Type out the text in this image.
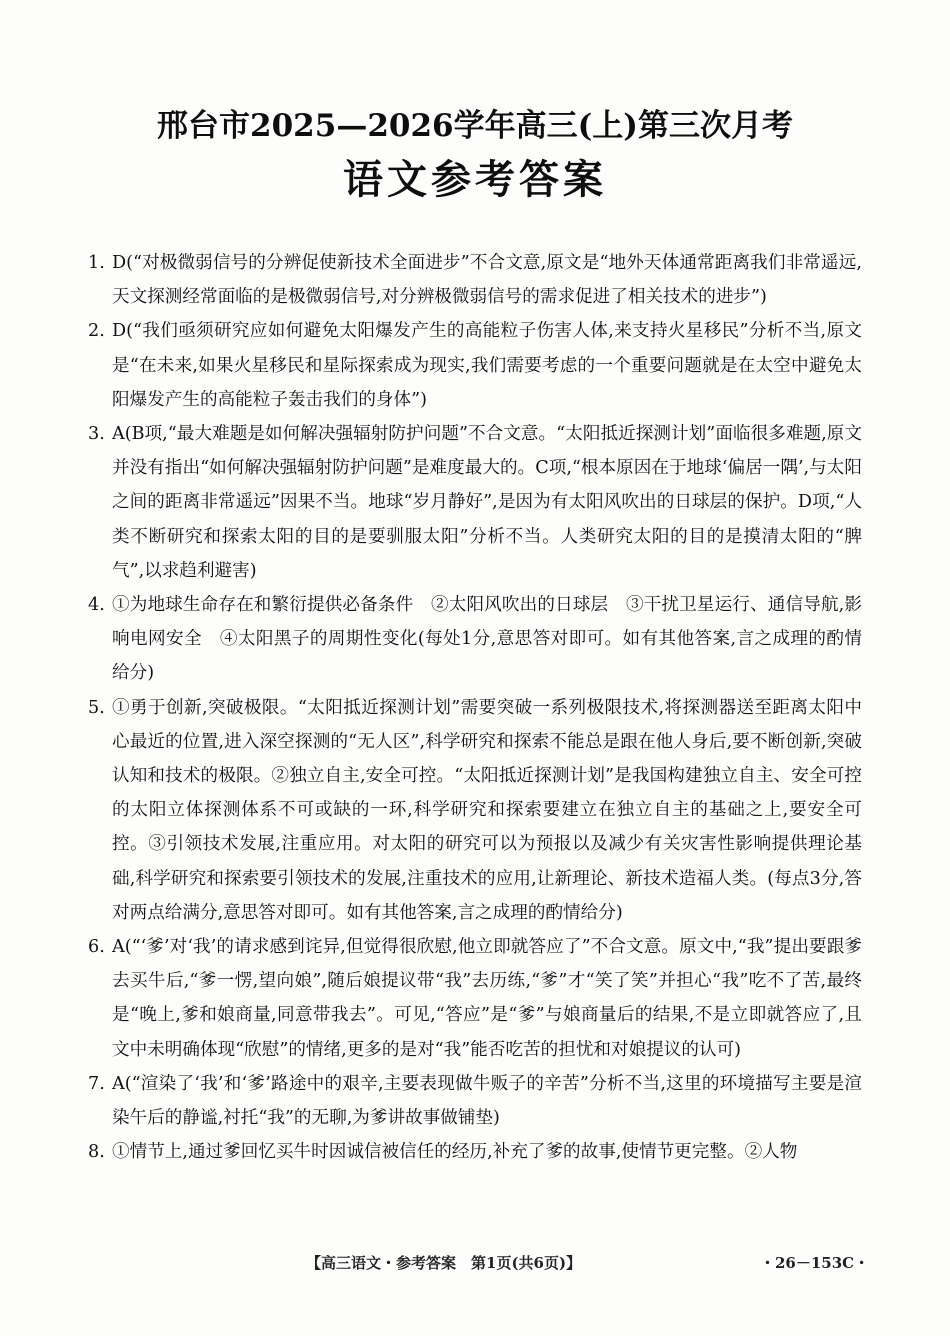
邢台市2025—2026学年高三(上)第三次月考
语文参考答案
1. D(“对极微弱信号的分辨促使新技术全面进步”不合文意,原文是“地外天体通常距离我们非常遥远,天文探测经常面临的是极微弱信号,对分辨极微弱信号的需求促进了相关技术的进步”)
2. D(“我们亟须研究应如何避免太阳爆发产生的高能粒子伤害人体,来支持火星移民”分析不当,原文是“在未来,如果火星移民和星际探索成为现实,我们需要考虑的一个重要问题就是在太空中避免太阳爆发产生的高能粒子轰击我们的身体”)
3. A(B项,“最大难题是如何解决强辐射防护问题”不合文意。“太阳抵近探测计划”面临很多难题,原文并没有指出“如何解决强辐射防护问题”是难度最大的。C项,“根本原因在于地球‘偏居一隅’,与太阳之间的距离非常遥远”因果不当。地球“岁月静好”,是因为有太阳风吹出的日球层的保护。D项,“人类不断研究和探索太阳的目的是要驯服太阳”分析不当。人类研究太阳的目的是摸清太阳的“脾气”,以求趋利避害)
4. ①为地球生命存在和繁衍提供必备条件　②太阳风吹出的日球层　③干扰卫星运行、通信导航,影响电网安全　④太阳黑子的周期性变化(每处1分,意思答对即可。如有其他答案,言之成理的酌情给分)
5. ①勇于创新,突破极限。“太阳抵近探测计划”需要突破一系列极限技术,将探测器送至距离太阳中心最近的位置,进入深空探测的“无人区”,科学研究和探索不能总是跟在他人身后,要不断创新,突破认知和技术的极限。②独立自主,安全可控。“太阳抵近探测计划”是我国构建独立自主、安全可控的太阳立体探测体系不可或缺的一环,科学研究和探索要建立在独立自主的基础之上,要安全可控。③引领技术发展,注重应用。对太阳的研究可以为预报以及减少有关灾害性影响提供理论基础,科学研究和探索要引领技术的发展,注重技术的应用,让新理论、新技术造福人类。(每点3分,答对两点给满分,意思答对即可。如有其他答案,言之成理的酌情给分)
6. A(“‘爹’对‘我’的请求感到诧异,但觉得很欣慰,他立即就答应了”不合文意。原文中,“我”提出要跟爹去买牛后,“爹一愣,望向娘”,随后娘提议带“我”去历练,“爹”才“笑了笑”并担心“我”吃不了苦,最终是“晚上,爹和娘商量,同意带我去”。可见,“答应”是“爹”与娘商量后的结果,不是立即就答应了,且文中未明确体现“欣慰”的情绪,更多的是对“我”能否吃苦的担忧和对娘提议的认可)
7. A(“渲染了‘我’和‘爹’路途中的艰辛,主要表现做牛贩子的辛苦”分析不当,这里的环境描写主要是渲染午后的静谧,衬托“我”的无聊,为爹讲故事做铺垫)
8. ①情节上,通过爹回忆买牛时因诚信被信任的经历,补充了爹的故事,使情节更完整。②人物
【高三语文・参考答案　第1页(共6页)】	・26－153C・
